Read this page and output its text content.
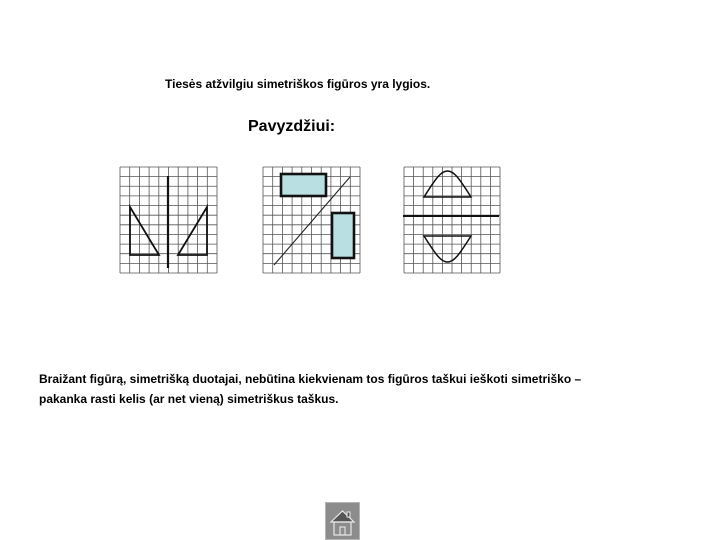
Tiesės atžvilgiu simetriškos figūros yra lygios.
Pavyzdžiui:
Braižant figūrą, simetrišką duotajai, nebūtina kiekvienam tos figūros taškui ieškoti simetriško –
pakanka rasti kelis (ar net vieną) simetriškus taškus.
